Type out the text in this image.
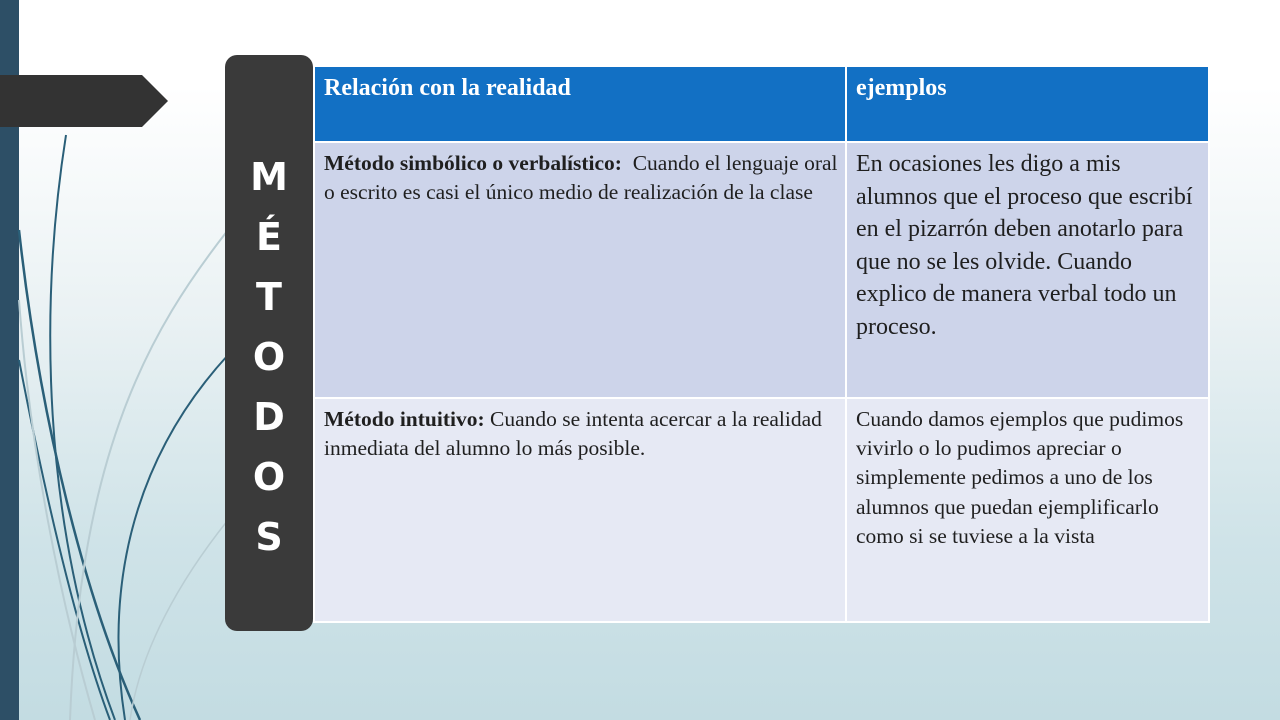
M
É
T
O
D
O
S
Relación con la realidad	ejemplos
Método simbólico o verbalístico:  Cuando el lenguaje oral o escrito es casi el único medio de realización de la clase	En ocasiones les digo a mis alumnos que el proceso que escribí en el pizarrón deben anotarlo para que no se les olvide. Cuando explico de manera verbal todo un proceso.
Método intuitivo: Cuando se intenta acercar a la realidad inmediata del alumno lo más posible.	Cuando damos ejemplos que pudimos vivirlo o lo pudimos apreciar o simplemente pedimos a uno de los alumnos que puedan ejemplificarlo como si se tuviese a la vista
